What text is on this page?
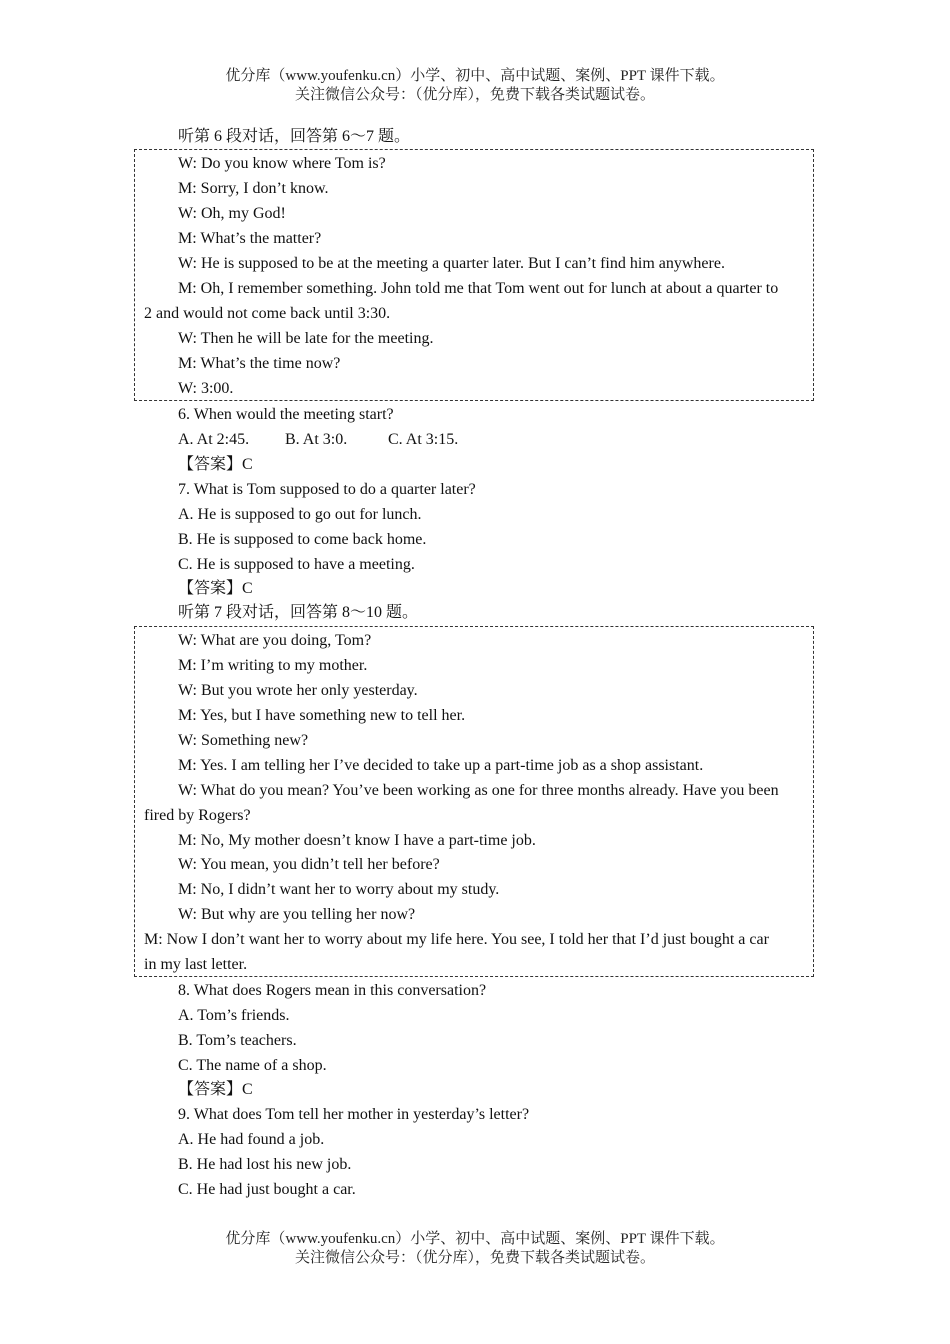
优分库（www.youfenku.cn）小学、初中、高中试题、案例、PPT 课件下载。
关注微信公众号：（优分库），免费下载各类试题试卷。
听第 6 段对话，回答第 6～7 题。
W: Do you know where Tom is?
M: Sorry, I don’t know.
W: Oh, my God!
M: What’s the matter?
W: He is supposed to be at the meeting a quarter later. But I can’t find him anywhere.
M: Oh, I remember something. John told me that Tom went out for lunch at about a quarter to
2 and would not come back until 3:30.
W: Then he will be late for the meeting.
M: What’s the time now?
W: 3:00.
6. When would the meeting start?
A. At 2:45. B. At 3:0.	C. At 3:15.
【答案】C
7. What is Tom supposed to do a quarter later?
A. He is supposed to go out for lunch.
B. He is supposed to come back home.
C. He is supposed to have a meeting.
【答案】C
听第 7 段对话，回答第 8～10 题。
W: What are you doing, Tom?
M: I’m writing to my mother.
W: But you wrote her only yesterday.
M: Yes, but I have something new to tell her.
W: Something new?
M: Yes. I am telling her I’ve decided to take up a part-time job as a shop assistant.
W: What do you mean? You’ve been working as one for three months already. Have you been
fired by Rogers?
M: No, My mother doesn’t know I have a part-time job.
W: You mean, you didn’t tell her before?
M: No, I didn’t want her to worry about my study.
W: But why are you telling her now?
M: Now I don’t want her to worry about my life here. You see, I told her that I’d just bought a car
in my last letter.
8. What does Rogers mean in this conversation?
A. Tom’s friends.
B. Tom’s teachers.
C. The name of a shop.
【答案】C
9. What does Tom tell her mother in yesterday’s letter?
A. He had found a job.
B. He had lost his new job.
C. He had just bought a car.
优分库（www.youfenku.cn）小学、初中、高中试题、案例、PPT 课件下载。
关注微信公众号：（优分库），免费下载各类试题试卷。
